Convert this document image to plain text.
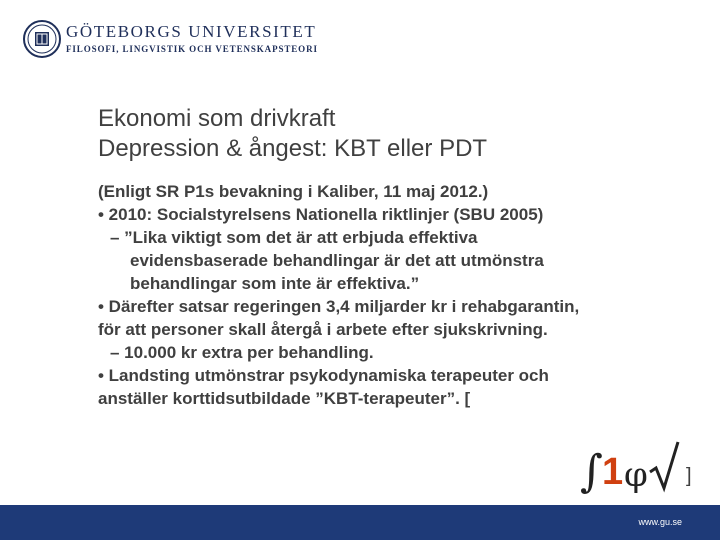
GÖTEBORGS UNIVERSITET
FILOSOFI, LINGVISTIK OCH VETENSKAPSTEORI
Ekonomi som drivkraft
Depression & ångest: KBT eller PDT

(Enligt SR P1s bevakning i Kaliber, 11 maj 2012.)

• 2010: Socialstyrelsens Nationella riktlinjer (SBU 2005)

– ”Lika viktigt som det är att erbjuda effektiva
evidensbaserade behandlingar är det att utmönstra behandlingar som inte är effektiva.”

• Därefter satsar regeringen 3,4 miljarder kr i rehabgarantin, för att personer skall återgå i arbete efter sjukskrivning.

– 10.000 kr extra per behandling.

• Landsting utmönstrar psykodynamiska terapeuter och anställer korttidsutbildade ”KBT-terapeuter”. [

∫ 1 φ ]
www.gu.se
